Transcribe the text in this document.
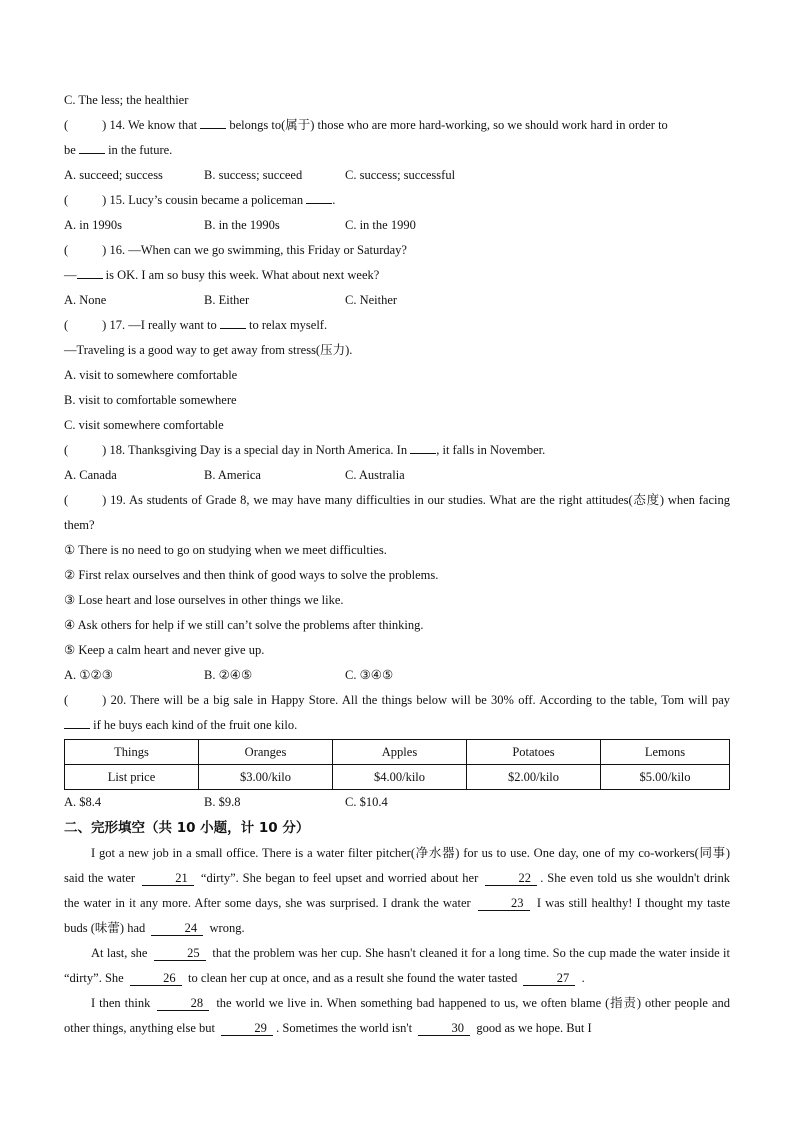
C. The less; the healthier
(	) 14. We know that	belongs to(属于) those who are more hard-working, so we should work hard in order to
be	in the future.
A. succeed; success	B. success; succeed	C. success; successful
(	) 15. Lucy’s cousin became a policeman .
A. in 1990s	B. in the 1990s	C. in the 1990
(	) 16. —When can we go swimming, this Friday or Saturday?
— is OK. I am so busy this week. What about next week?
A. None	B. Either	C. Neither
(	) 17. —I really want to	to relax myself.
—Traveling is a good way to get away from stress(压力).
A. visit to somewhere comfortable
B. visit to comfortable somewhere
C. visit somewhere comfortable
(	) 18. Thanksgiving Day is a special day in North America. In , it falls in November.
A. Canada	B. America	C. Australia
(	) 19. As students of Grade 8, we may have many difficulties in our studies. What are the right attitudes(态度) when facing them?
① There is no need to go on studying when we meet difficulties.
② First relax ourselves and then think of good ways to solve the problems.
③ Lose heart and lose ourselves in other things we like.
④ Ask others for help if we still can’t solve the problems after thinking.
⑤ Keep a calm heart and never give up.
A. ①②③	B. ②④⑤	C. ③④⑤
(	) 20. There will be a big sale in Happy Store. All the things below will be 30% off. According to the table, Tom will pay  if he buys each kind of the fruit one kilo.
Things	Oranges	Apples	Potatoes	Lemons
List price	$3.00/kilo	$4.00/kilo	$2.00/kilo	$5.00/kilo
A. $8.4	B. $9.8	C. $10.4
二、完形填空（共 10 小题，计 10 分）
I got a new job in a small office. There is a water filter pitcher(净水器) for us to use. One day, one of my co-workers(同事) said the water	21 “dirty”. She began to feel upset and worried about her	22 . She even told us she wouldn't drink the water in it any more. After some days, she was surprised. I drank the water	23 I was still healthy! I thought my taste buds (味蕾) had	24 wrong.
At last, she	25 that the problem was her cup. She hasn't cleaned it for a long time. So the cup made the water inside it “dirty”. She	26 to clean her cup at once, and as a result she found the water tasted	27 .
I then think	28 the world we live in. When something bad happened to us, we often blame (指责) other people and other things, anything else but	29 . Sometimes the world isn't	30 good as we hope. But I
